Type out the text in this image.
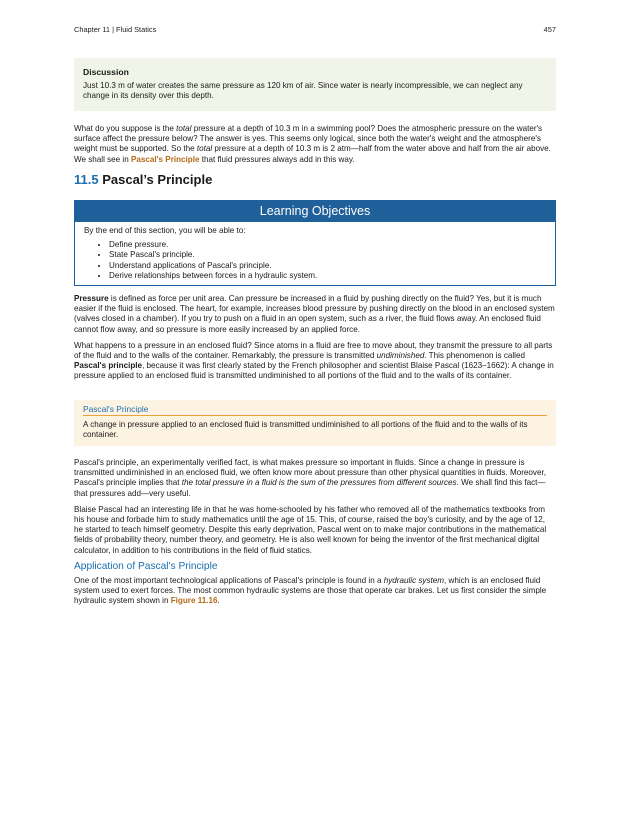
Chapter 11 | Fluid Statics	457
Discussion

Just 10.3 m of water creates the same pressure as 120 km of air. Since water is nearly incompressible, we can neglect any change in its density over this depth.

What do you suppose is the total pressure at a depth of 10.3 m in a swimming pool? Does the atmospheric pressure on the water's surface affect the pressure below? The answer is yes. This seems only logical, since both the water's weight and the atmosphere's weight must be supported. So the total pressure at a depth of 10.3 m is 2 atm—half from the water above and half from the air above. We shall see in Pascal's Principle that fluid pressures always add in this way.

11.5 Pascal’s Principle
Learning Objectives

By the end of this section, you will be able to:

• Define pressure.
• State Pascal's principle.
• Understand applications of Pascal's principle.
• Derive relationships between forces in a hydraulic system.

Pressure is defined as force per unit area. Can pressure be increased in a fluid by pushing directly on the fluid? Yes, but it is much easier if the fluid is enclosed. The heart, for example, increases blood pressure by pushing directly on the blood in an enclosed system (valves closed in a chamber). If you try to push on a fluid in an open system, such as a river, the fluid flows away. An enclosed fluid cannot flow away, and so pressure is more easily increased by an applied force.

What happens to a pressure in an enclosed fluid? Since atoms in a fluid are free to move about, they transmit the pressure to all parts of the fluid and to the walls of the container. Remarkably, the pressure is transmitted undiminished. This phenomenon is called Pascal's principle, because it was first clearly stated by the French philosopher and scientist Blaise Pascal (1623–1662): A change in pressure applied to an enclosed fluid is transmitted undiminished to all portions of the fluid and to the walls of its container.

Pascal's Principle

A change in pressure applied to an enclosed fluid is transmitted undiminished to all portions of the fluid and to the walls of its container.

Pascal's principle, an experimentally verified fact, is what makes pressure so important in fluids. Since a change in pressure is transmitted undiminished in an enclosed fluid, we often know more about pressure than other physical quantities in fluids. Moreover, Pascal's principle implies that the total pressure in a fluid is the sum of the pressures from different sources. We shall find this fact—that pressures add—very useful.

Blaise Pascal had an interesting life in that he was home-schooled by his father who removed all of the mathematics textbooks from his house and forbade him to study mathematics until the age of 15. This, of course, raised the boy's curiosity, and by the age of 12, he started to teach himself geometry. Despite this early deprivation, Pascal went on to make major contributions in the mathematical fields of probability theory, number theory, and geometry. He is also well known for being the inventor of the first mechanical digital calculator, in addition to his contributions in the field of fluid statics.

Application of Pascal's Principle

One of the most important technological applications of Pascal's principle is found in a hydraulic system, which is an enclosed fluid system used to exert forces. The most common hydraulic systems are those that operate car brakes. Let us first consider the simple hydraulic system shown in Figure 11.16.
